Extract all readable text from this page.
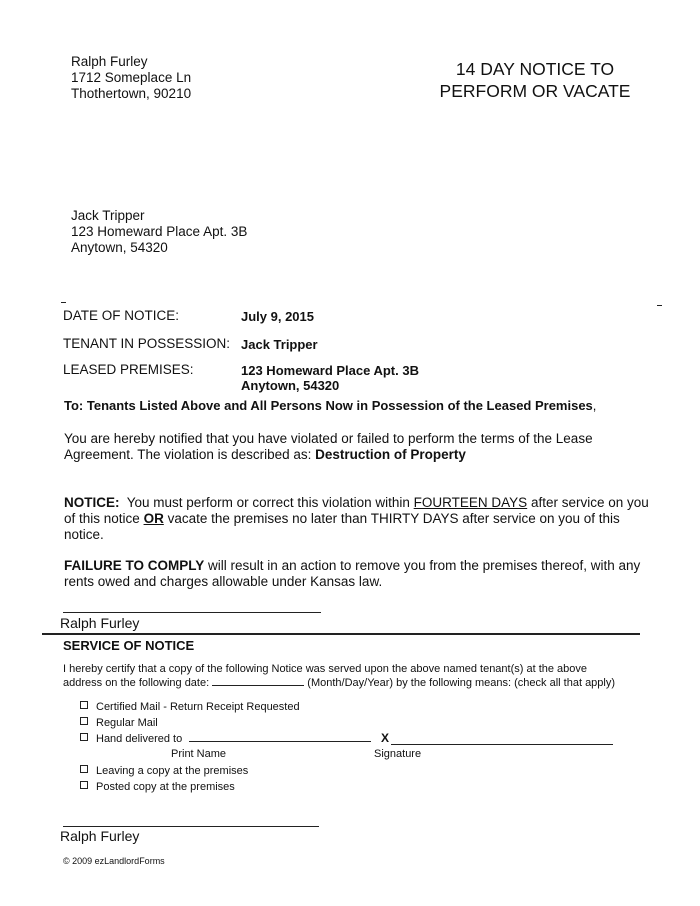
Ralph Furley
1712 Someplace Ln
Thothertown, 90210
14 DAY NOTICE TO
PERFORM OR VACATE
Jack Tripper
123 Homeward Place Apt. 3B
Anytown, 54320
DATE OF NOTICE:	July 9, 2015
TENANT IN POSSESSION: Jack Tripper
LEASED PREMISES:	123 Homeward Place Apt. 3B
Anytown, 54320
To: Tenants Listed Above and All Persons Now in Possession of the Leased Premises,
You are hereby notified that you have violated or failed to perform the terms of the Lease Agreement. The violation is described as: Destruction of Property
NOTICE: You must perform or correct this violation within FOURTEEN DAYS after service on you of this notice OR vacate the premises no later than THIRTY DAYS after service on you of this notice.
FAILURE TO COMPLY will result in an action to remove you from the premises thereof, with any rents owed and charges allowable under Kansas law.
Ralph Furley
SERVICE OF NOTICE
I hereby certify that a copy of the following Notice was served upon the above named tenant(s) at the above
address on the following date:	(Month/Day/Year) by the following means: (check all that apply)
Certified Mail - Return Receipt Requested
Regular Mail
Hand delivered to	X
Print Name	Signature
Leaving a copy at the premises
Posted copy at the premises
Ralph Furley
© 2009 ezLandlordForms
